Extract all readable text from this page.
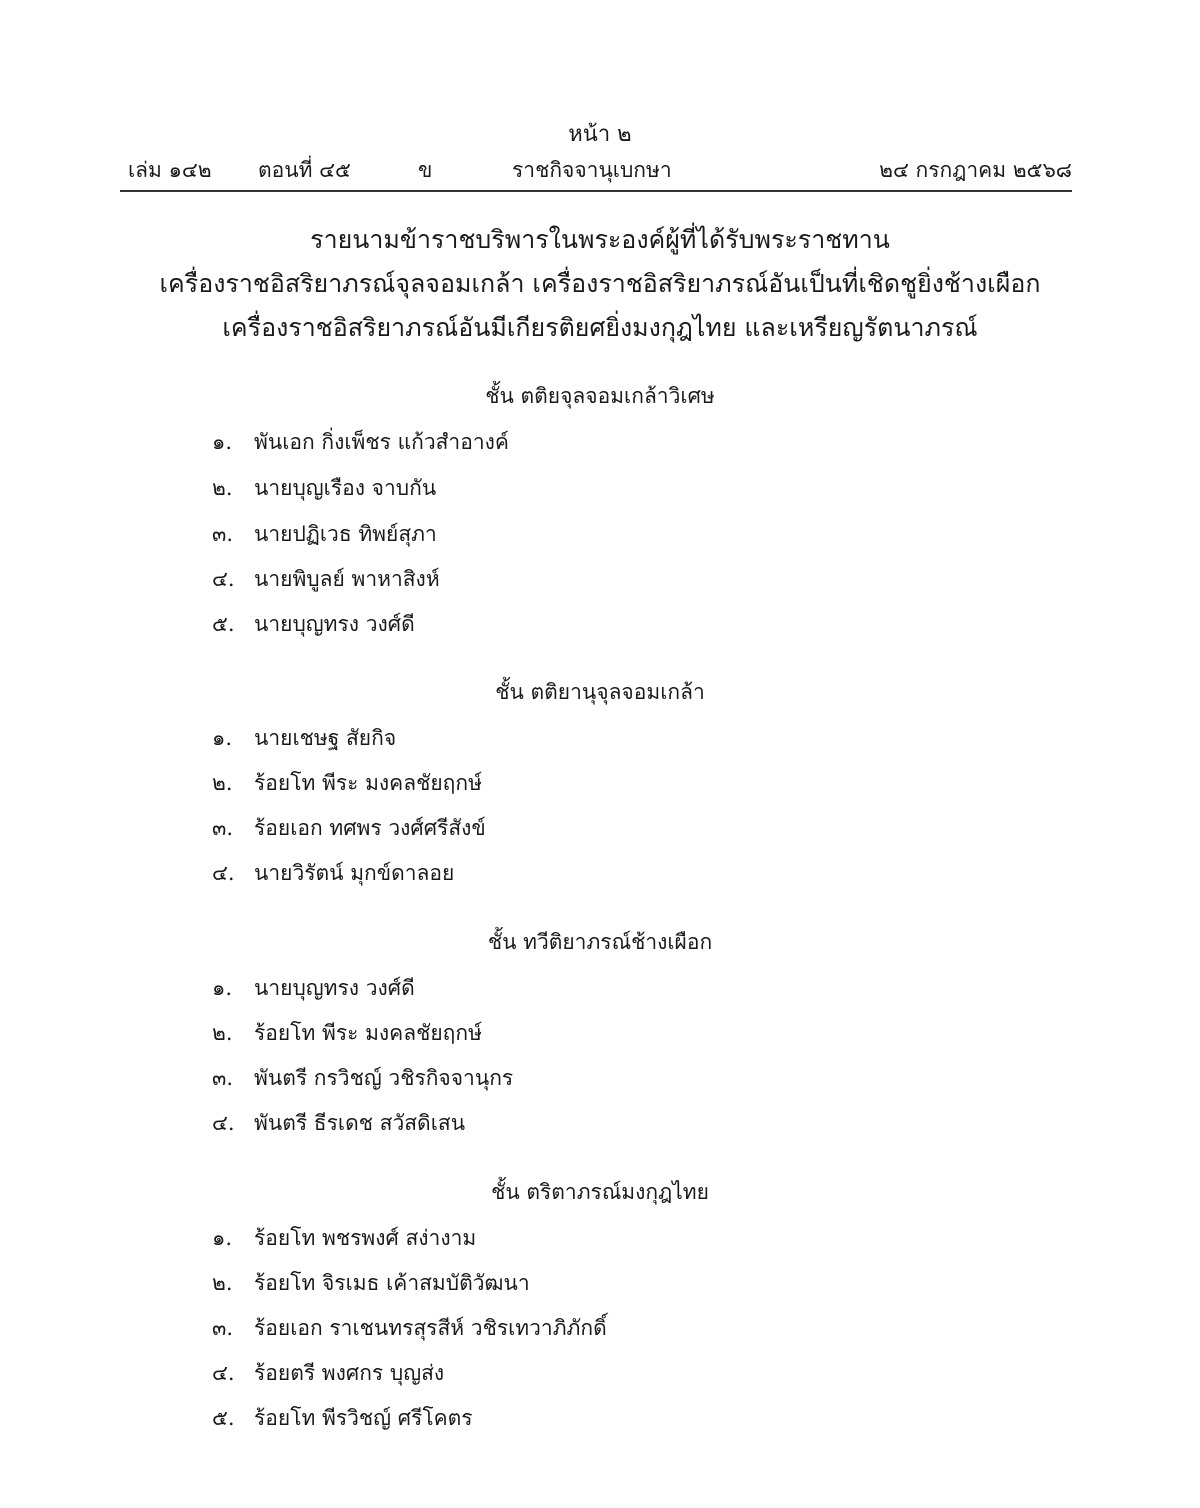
หน้า ๒
เล่ม ๑๔๒ ตอนที่ ๔๕	ข	ราชกิจจานุเบกษา	๒๔ กรกฎาคม ๒๕๖๘
รายนามข้าราชบริพารในพระองค์ผู้ที่ได้รับพระราชทาน
เครื่องราชอิสริยาภรณ์จุลจอมเกล้า เครื่องราชอิสริยาภรณ์อันเป็นที่เชิดชูยิ่งช้างเผือก
เครื่องราชอิสริยาภรณ์อันมีเกียรติยศยิ่งมงกุฎไทย และเหรียญรัตนาภรณ์
ชั้น ตติยจุลจอมเกล้าวิเศษ
๑. พันเอก กิ่งเพ็ชร แก้วสำอางค์
๒. นายบุญเรือง จาบกัน
๓. นายปฏิเวธ ทิพย์สุภา
๔. นายพิบูลย์ พาหาสิงห์
๕. นายบุญทรง วงศ์ดี
ชั้น ตติยานุจุลจอมเกล้า
๑. นายเชษฐ สัยกิจ
๒. ร้อยโท พีระ มงคลชัยฤกษ์
๓. ร้อยเอก ทศพร วงศ์ศรีสังข์
๔. นายวิรัตน์ มุกข์ดาลอย
ชั้น ทวีติยาภรณ์ช้างเผือก
๑. นายบุญทรง วงศ์ดี
๒. ร้อยโท พีระ มงคลชัยฤกษ์
๓. พันตรี กรวิชญ์ วชิรกิจจานุกร
๔. พันตรี ธีรเดช สวัสดิเสน
ชั้น ตริตาภรณ์มงกุฎไทย
๑. ร้อยโท พชรพงศ์ สง่างาม
๒. ร้อยโท จิรเมธ เค้าสมบัติวัฒนา
๓. ร้อยเอก ราเชนทรสุรสีห์ วชิรเทวาภิภักดิ์
๔. ร้อยตรี พงศกร บุญส่ง
๕. ร้อยโท พีรวิชญ์ ศรีโคตร
